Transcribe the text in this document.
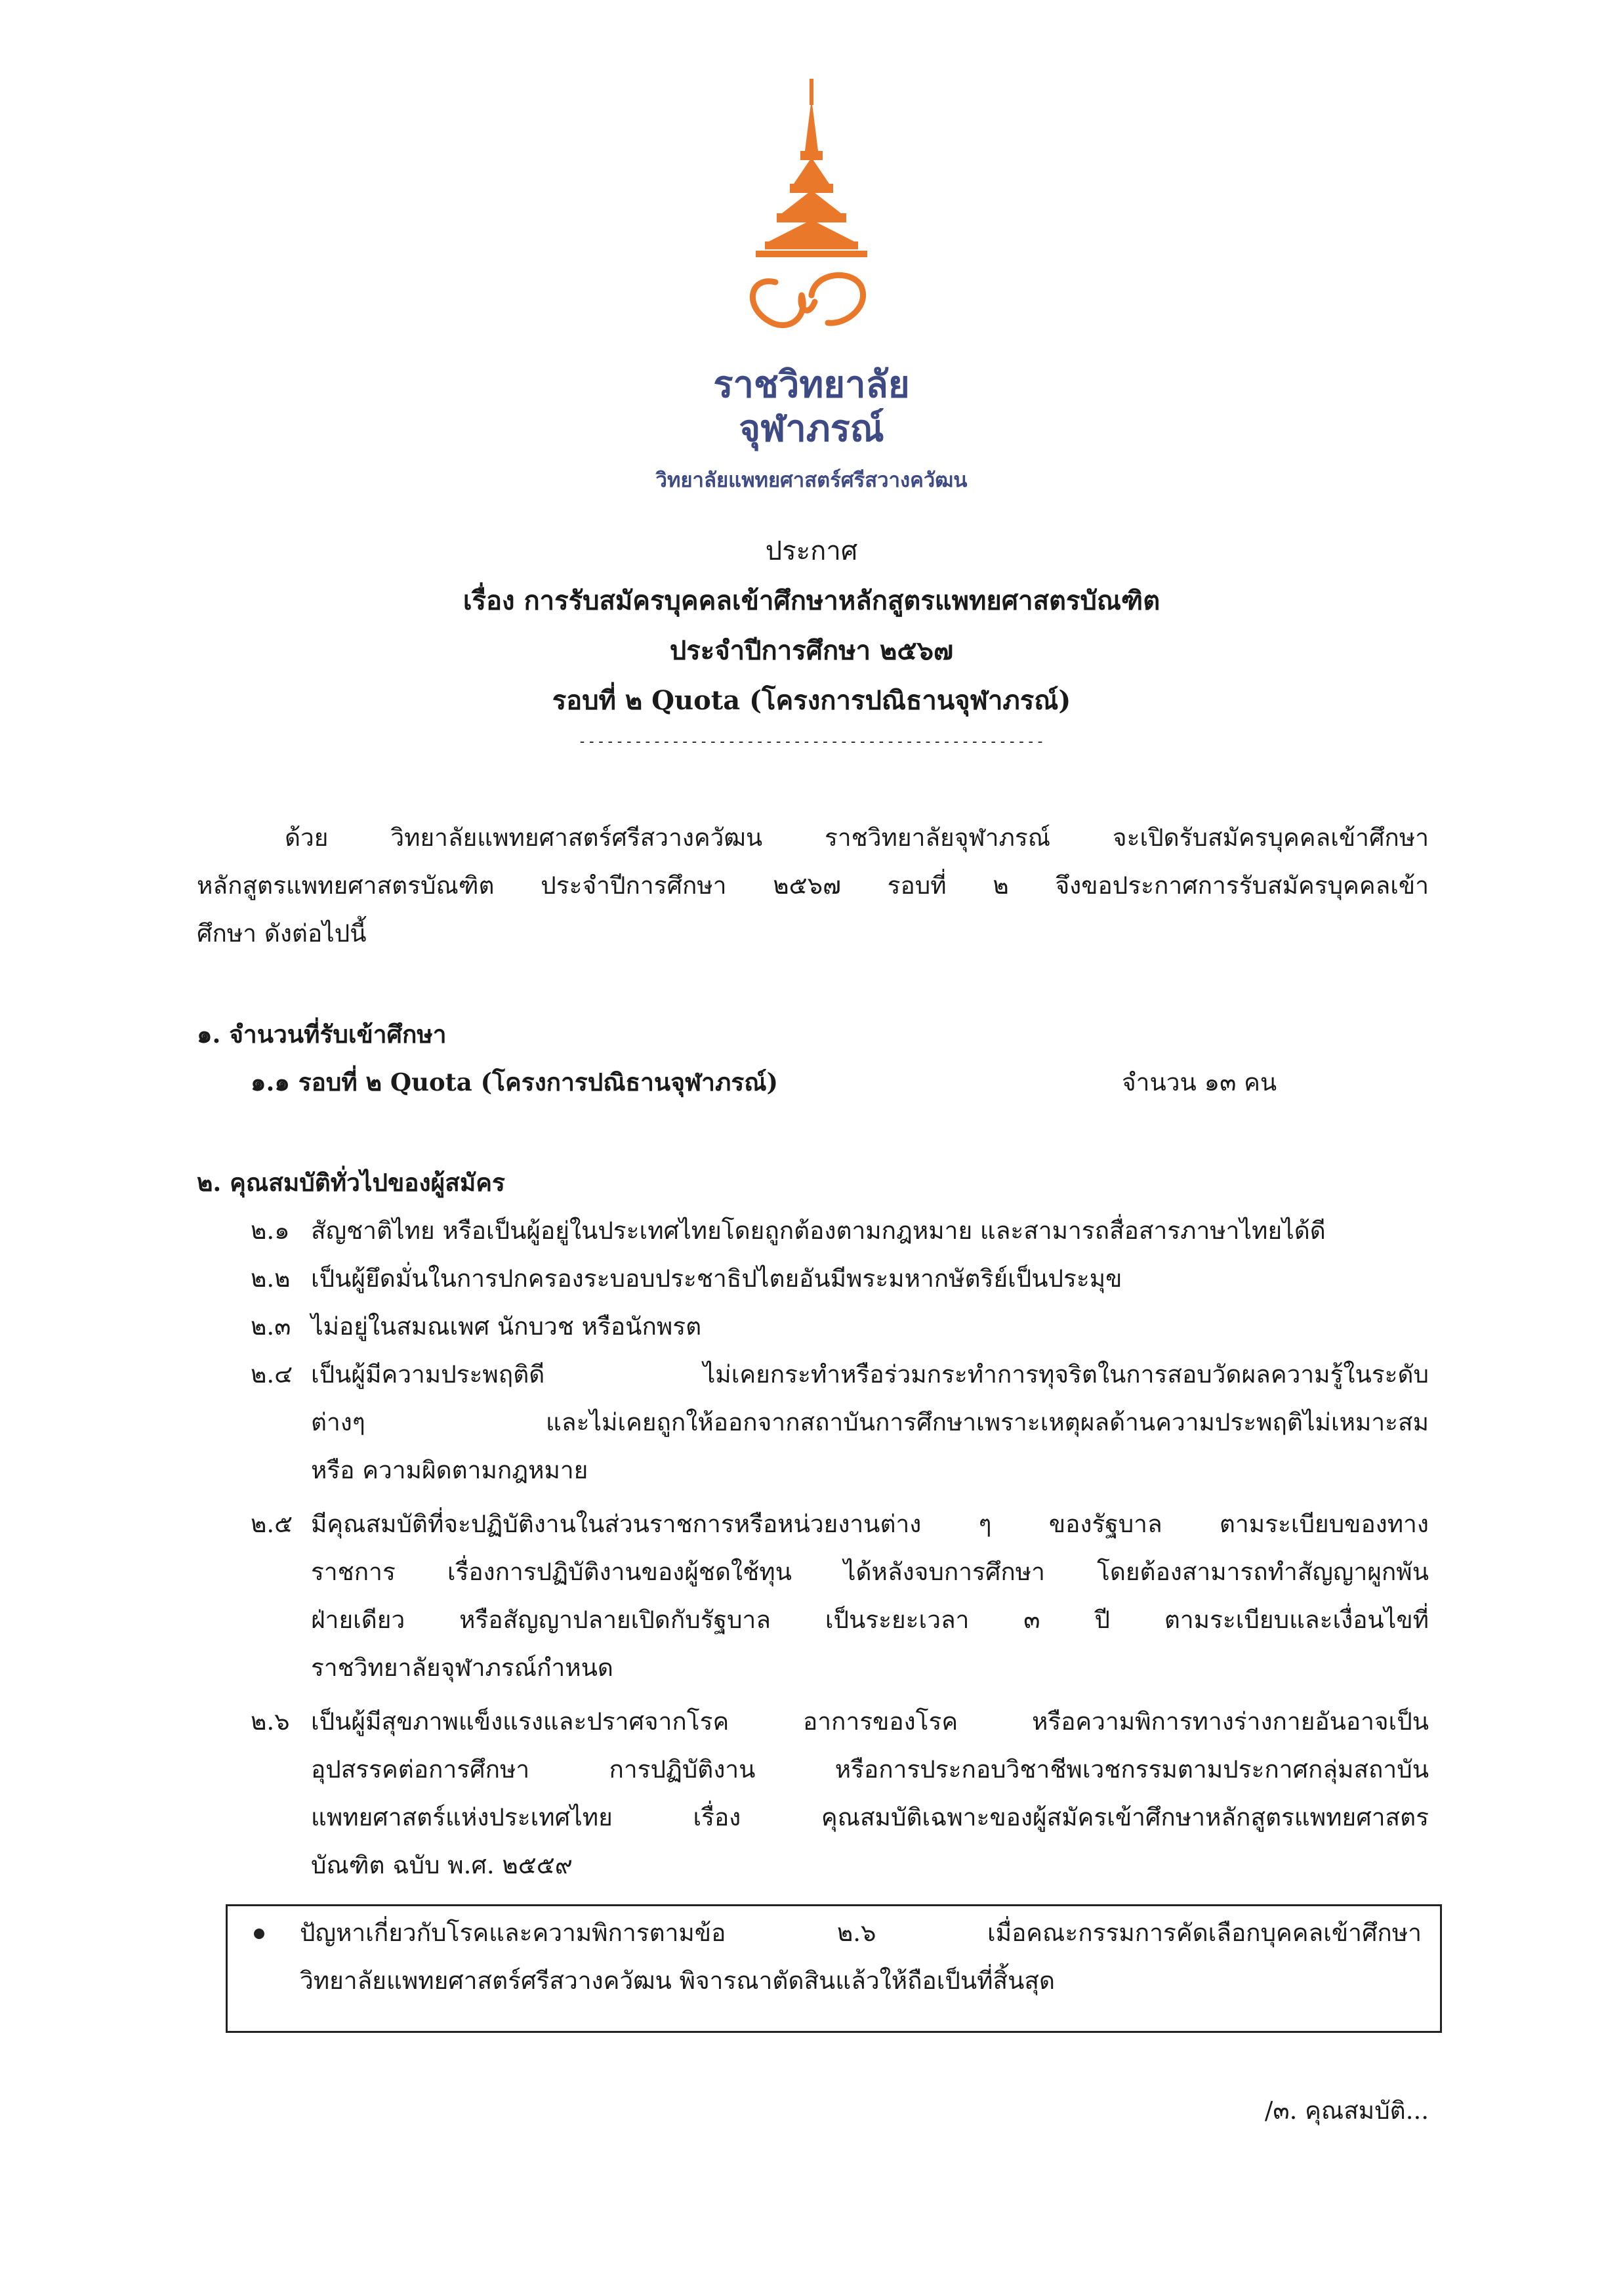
ราชวิทยาลัย
จุฬาภรณ์
วิทยาลัยแพทยศาสตร์ศรีสวางควัฒน
ประกาศ
เรื่อง การรับสมัครบุคคลเข้าศึกษาหลักสูตรแพทยศาสตรบัณฑิต
ประจำปีการศึกษา ๒๕๖๗
รอบที่ ๒ Quota (โครงการปณิธานจุฬาภรณ์)
--------------------------------------------------
ด้วย วิทยาลัยแพทยศาสตร์ศรีสวางควัฒน ราชวิทยาลัยจุฬาภรณ์ จะเปิดรับสมัครบุคคลเข้าศึกษา
หลักสูตรแพทยศาสตรบัณฑิต ประจำปีการศึกษา ๒๕๖๗ รอบที่ ๒ จึงขอประกาศการรับสมัครบุคคลเข้า
ศึกษา ดังต่อไปนี้
๑. จำนวนที่รับเข้าศึกษา
๑.๑ รอบที่ ๒ Quota (โครงการปณิธานจุฬาภรณ์)	จำนวน ๑๓ คน
๒. คุณสมบัติทั่วไปของผู้สมัคร
๒.๑ สัญชาติไทย หรือเป็นผู้อยู่ในประเทศไทยโดยถูกต้องตามกฎหมาย และสามารถสื่อสารภาษาไทยได้ดี
๒.๒ เป็นผู้ยึดมั่นในการปกครองระบอบประชาธิปไตยอันมีพระมหากษัตริย์เป็นประมุข
๒.๓ ไม่อยู่ในสมณเพศ นักบวช หรือนักพรต
๒.๔ เป็นผู้มีความประพฤติดี ไม่เคยกระทำหรือร่วมกระทำการทุจริตในการสอบวัดผลความรู้ในระดับ
ต่างๆ และไม่เคยถูกให้ออกจากสถาบันการศึกษาเพราะเหตุผลด้านความประพฤติไม่เหมาะสม
หรือ ความผิดตามกฎหมาย
๒.๕ มีคุณสมบัติที่จะปฏิบัติงานในส่วนราชการหรือหน่วยงานต่าง ๆ ของรัฐบาล ตามระเบียบของทาง
ราชการ เรื่องการปฏิบัติงานของผู้ชดใช้ทุน ได้หลังจบการศึกษา โดยต้องสามารถทำสัญญาผูกพัน
ฝ่ายเดียว หรือสัญญาปลายเปิดกับรัฐบาล เป็นระยะเวลา ๓ ปี ตามระเบียบและเงื่อนไขที่
ราชวิทยาลัยจุฬาภรณ์กำหนด
๒.๖ เป็นผู้มีสุขภาพแข็งแรงและปราศจากโรค อาการของโรค หรือความพิการทางร่างกายอันอาจเป็น
อุปสรรคต่อการศึกษา การปฏิบัติงาน หรือการประกอบวิชาชีพเวชกรรมตามประกาศกลุ่มสถาบัน
แพทยศาสตร์แห่งประเทศไทย เรื่อง คุณสมบัติเฉพาะของผู้สมัครเข้าศึกษาหลักสูตรแพทยศาสตร
บัณฑิต ฉบับ พ.ศ. ๒๕๕๙
ปัญหาเกี่ยวกับโรคและความพิการตามข้อ ๒.๖ เมื่อคณะกรรมการคัดเลือกบุคคลเข้าศึกษา
วิทยาลัยแพทยศาสตร์ศรีสวางควัฒน พิจารณาตัดสินแล้วให้ถือเป็นที่สิ้นสุด
/๓. คุณสมบัติ...
